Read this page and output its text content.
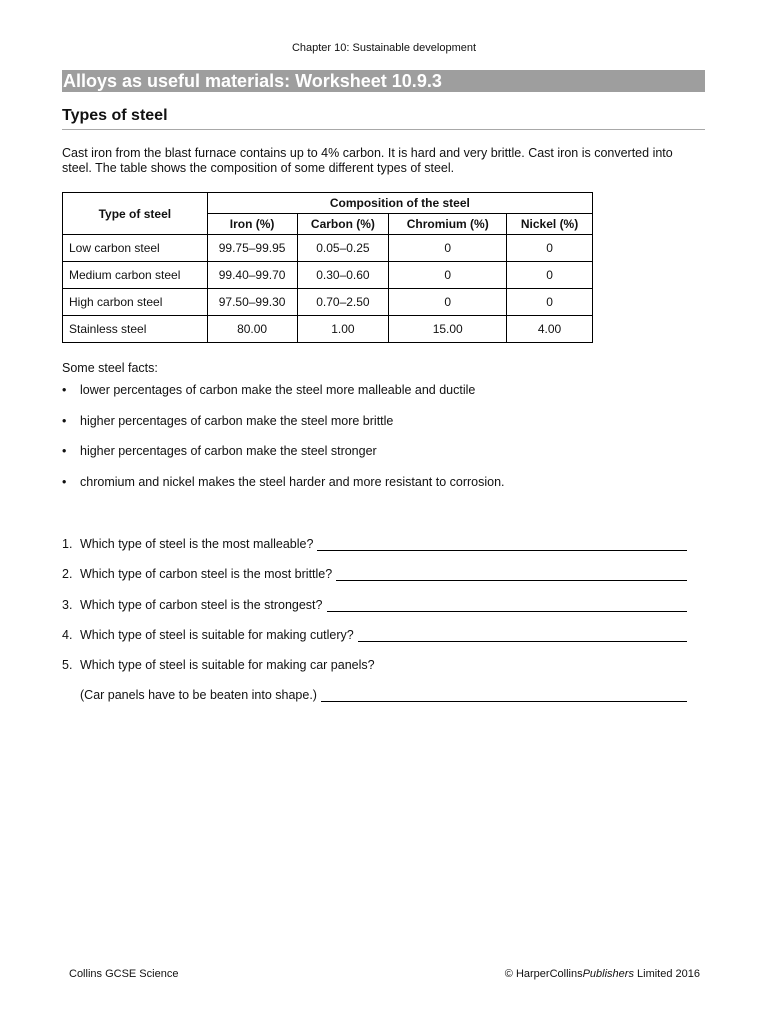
Chapter 10: Sustainable development
Alloys as useful materials: Worksheet 10.9.3
Types of steel
Cast iron from the blast furnace contains up to 4% carbon. It is hard and very brittle. Cast iron is converted into steel. The table shows the composition of some different types of steel.
Type of steel	Composition of the steel			
	Iron (%)	Carbon (%)	Chromium (%)	Nickel (%)
Low carbon steel	99.75–99.95	0.05–0.25	0	0
Medium carbon steel	99.40–99.70	0.30–0.60	0	0
High carbon steel	97.50–99.30	0.70–2.50	0	0
Stainless steel	80.00	1.00	15.00	4.00
Some steel facts:
• lower percentages of carbon make the steel more malleable and ductile
• higher percentages of carbon make the steel more brittle
• higher percentages of carbon make the steel stronger
• chromium and nickel makes the steel harder and more resistant to corrosion.
1. Which type of steel is the most malleable?
2. Which type of carbon steel is the most brittle?
3. Which type of carbon steel is the strongest?
4. Which type of steel is suitable for making cutlery?
5. Which type of steel is suitable for making car panels?
(Car panels have to be beaten into shape.)
Collins GCSE Science	© HarperCollinsPublishers Limited 2016
